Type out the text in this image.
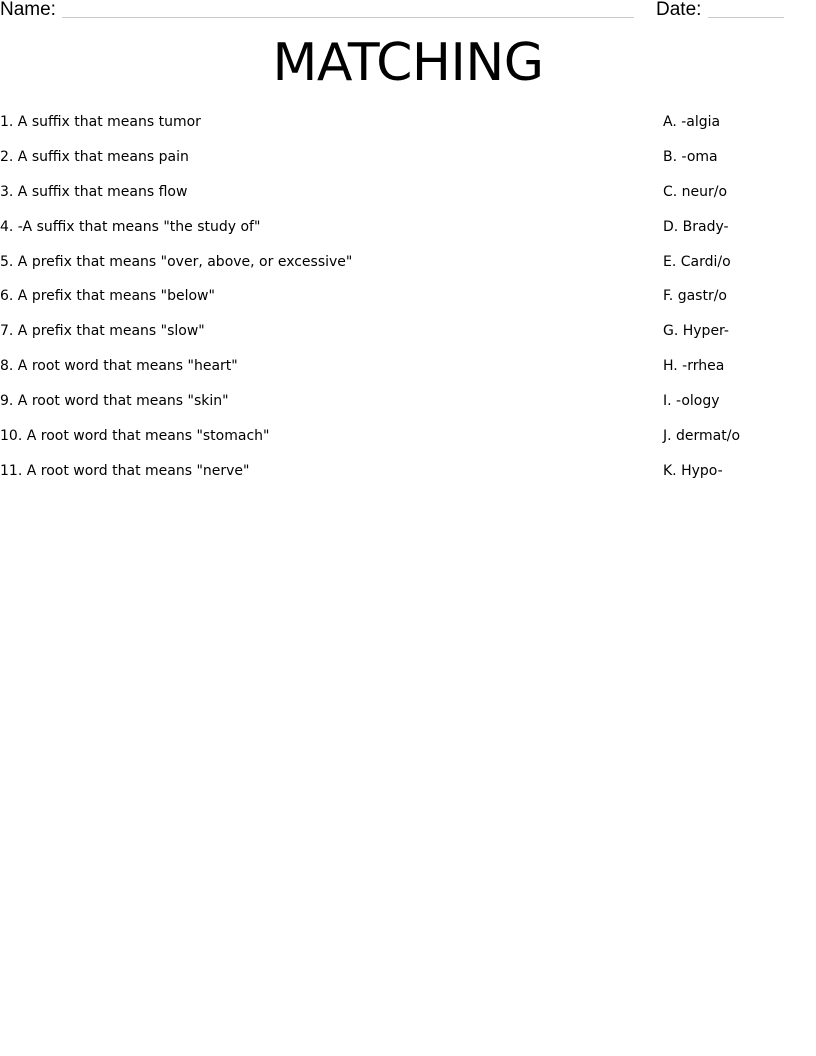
Name:	Date:
MATCHING
1. A suffix that means tumor
2. A suffix that means pain
3. A suffix that means flow
4. -A suffix that means "the study of"
5. A prefix that means "over, above, or excessive"
6. A prefix that means "below"
7. A prefix that means "slow"
8. A root word that means "heart"
9. A root word that means "skin"
10. A root word that means "stomach"
11. A root word that means "nerve"
A. -algia
B. -oma
C. neur/o
D. Brady-
E. Cardi/o
F. gastr/o
G. Hyper-
H. -rrhea
I. -ology
J. dermat/o
K. Hypo-
